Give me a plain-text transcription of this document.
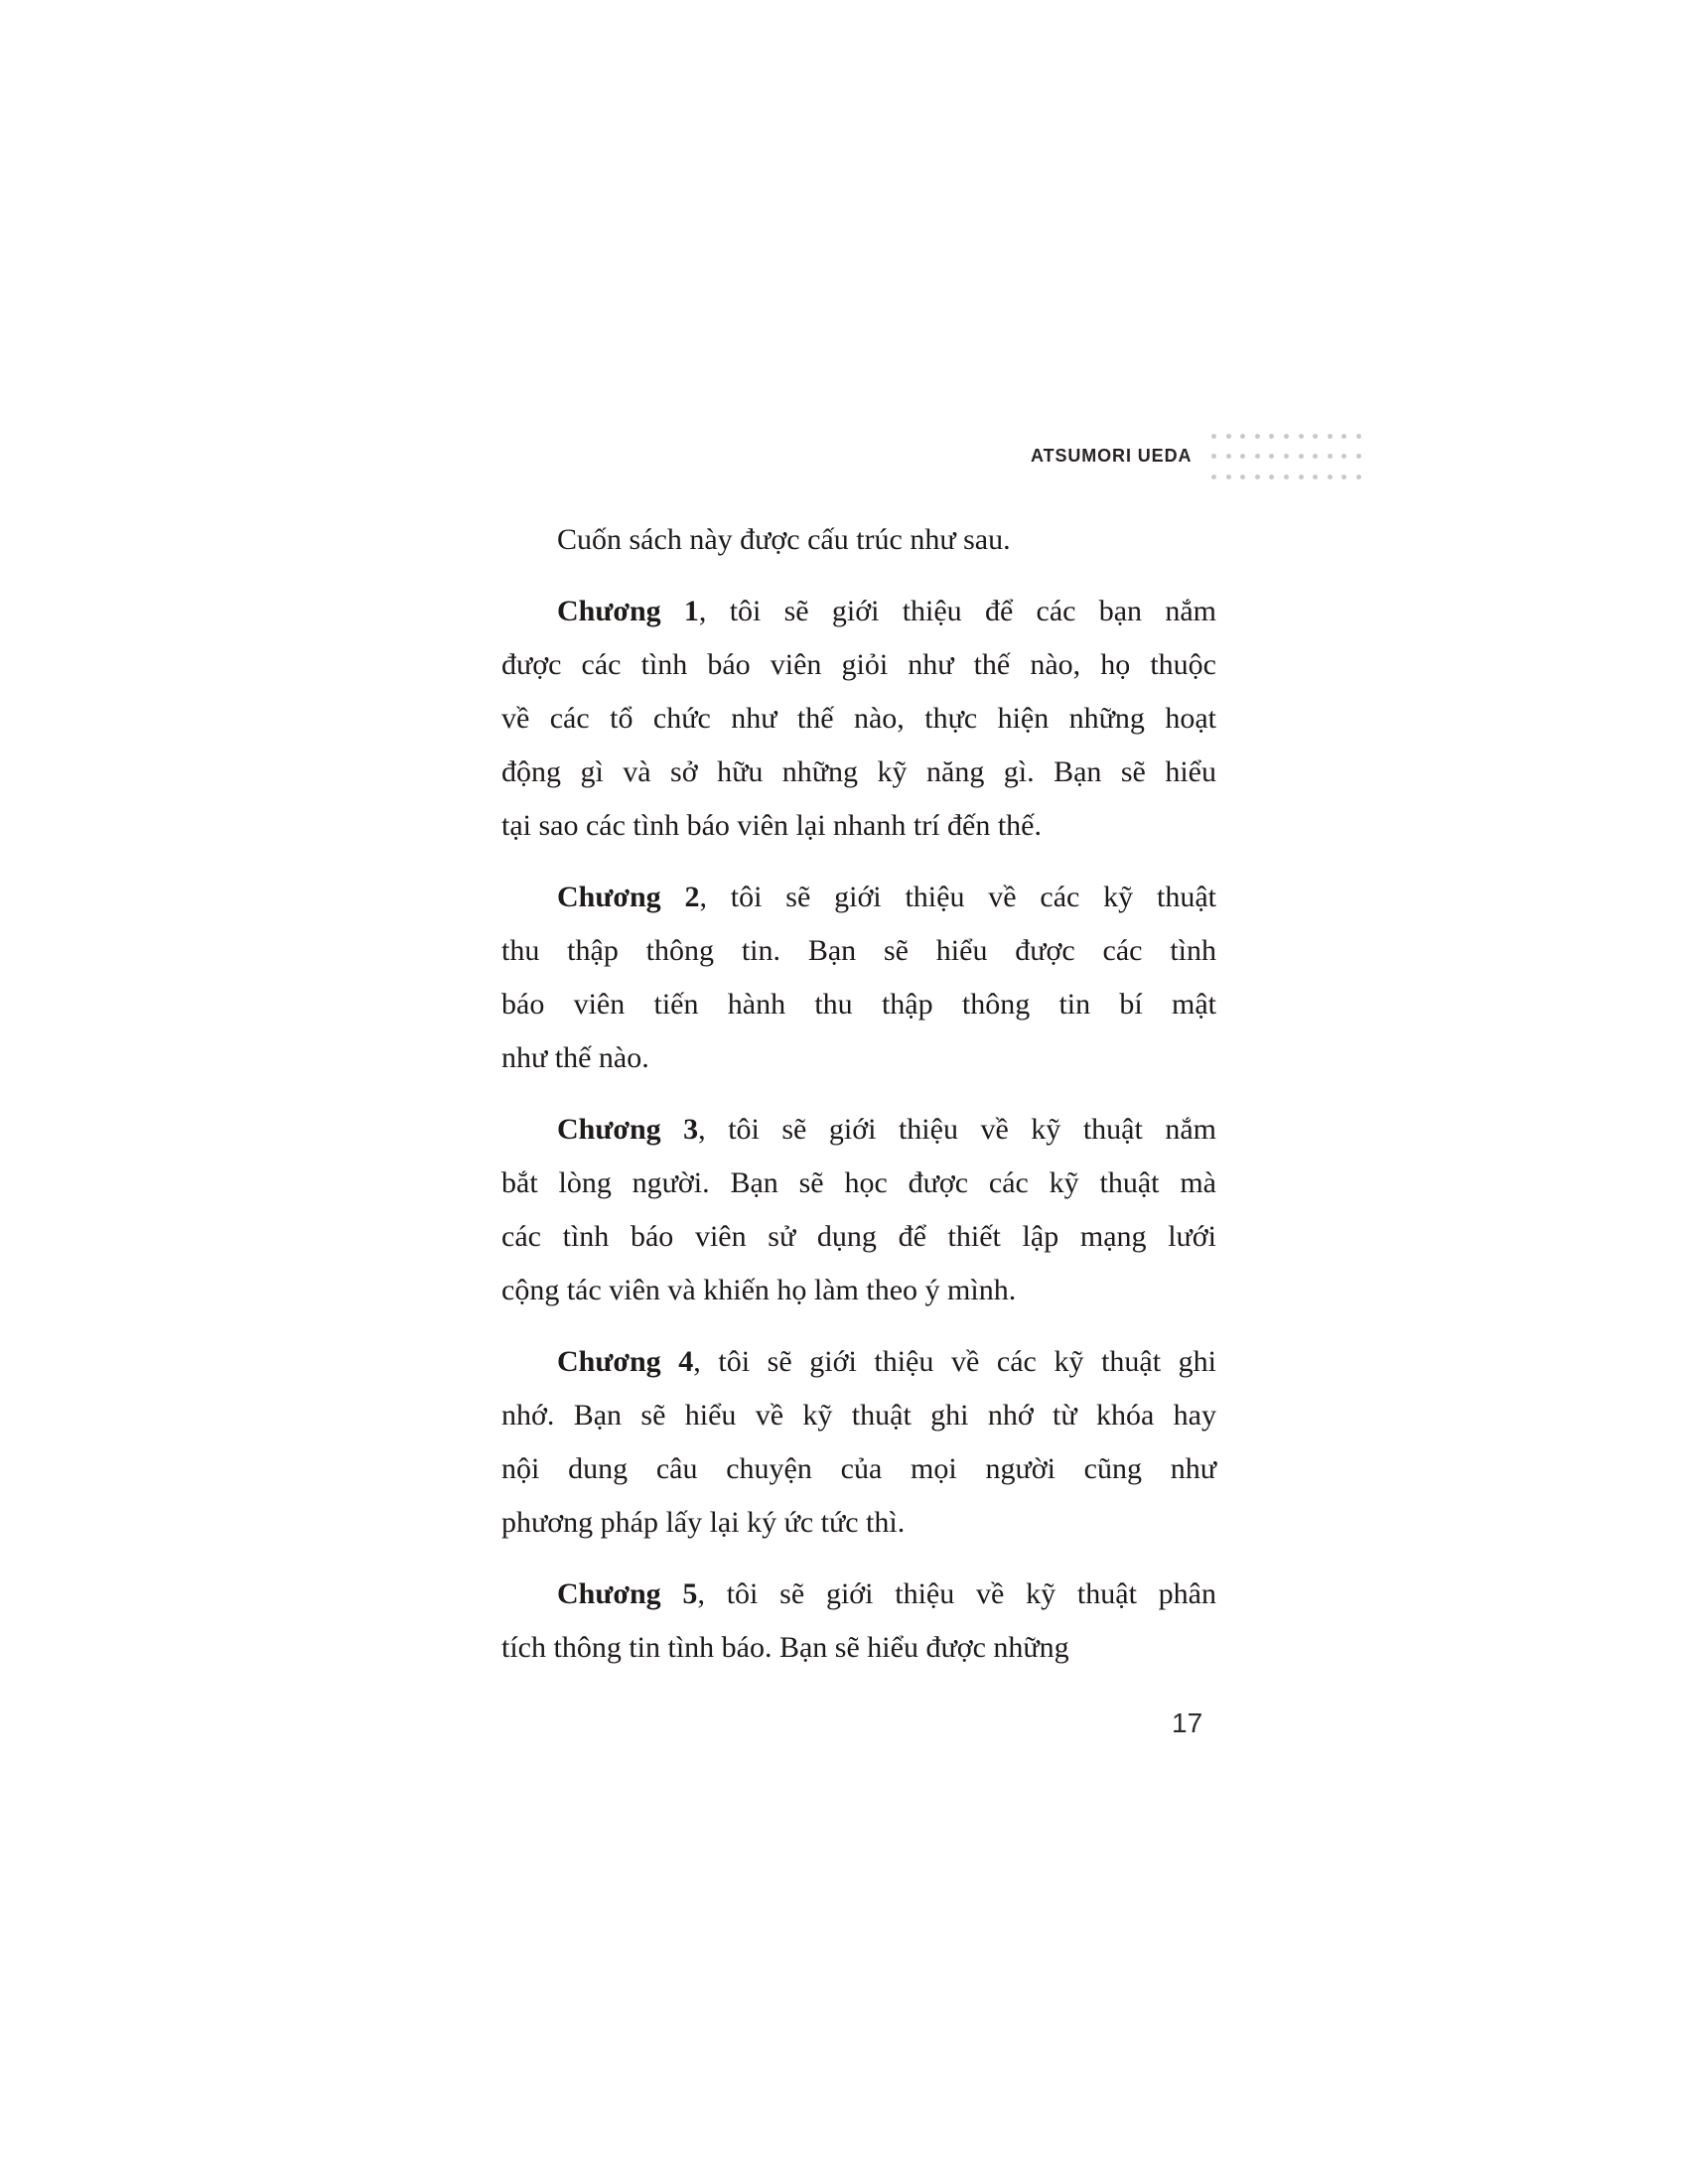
ATSUMORI UEDA
Cuốn sách này được cấu trúc như sau.
Chương 1, tôi sẽ giới thiệu để các bạn nắm
được các tình báo viên giỏi như thế nào, họ thuộc
về các tổ chức như thế nào, thực hiện những hoạt
động gì và sở hữu những kỹ năng gì. Bạn sẽ hiểu
tại sao các tình báo viên lại nhanh trí đến thế.
Chương 2, tôi sẽ giới thiệu về các kỹ thuật
thu thập thông tin. Bạn sẽ hiểu được các tình
báo viên tiến hành thu thập thông tin bí mật
như thế nào.
Chương 3, tôi sẽ giới thiệu về kỹ thuật nắm
bắt lòng người. Bạn sẽ học được các kỹ thuật mà
các tình báo viên sử dụng để thiết lập mạng lưới
cộng tác viên và khiến họ làm theo ý mình.
Chương 4, tôi sẽ giới thiệu về các kỹ thuật ghi
nhớ. Bạn sẽ hiểu về kỹ thuật ghi nhớ từ khóa hay
nội dung câu chuyện của mọi người cũng như
phương pháp lấy lại ký ức tức thì.
Chương 5, tôi sẽ giới thiệu về kỹ thuật phân
tích thông tin tình báo. Bạn sẽ hiểu được những
17
